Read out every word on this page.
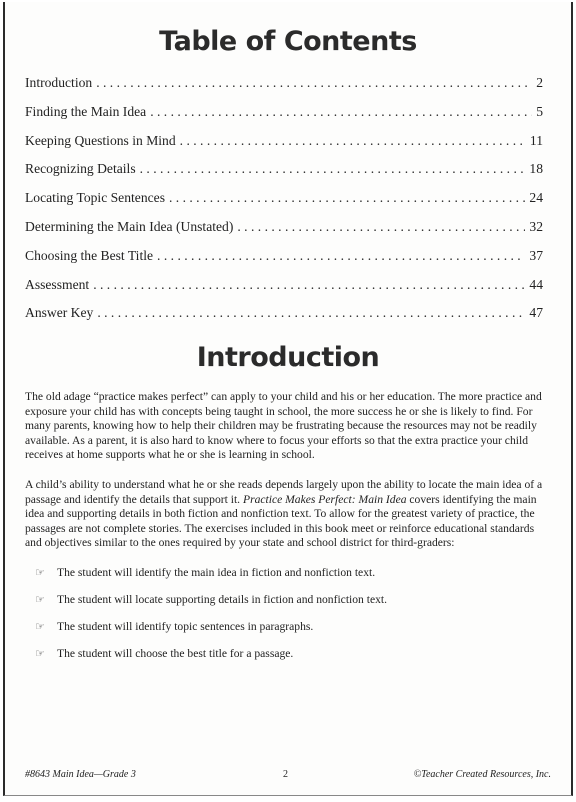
Table of Contents
Introduction . . .	2
Finding the Main Idea . . .	5
Keeping Questions in Mind . . .	11
Recognizing Details . . .	18
Locating Topic Sentences . . .	24
Determining the Main Idea (Unstated) . . .	32
Choosing the Best Title . . .	37
Assessment . . .	44
Answer Key . . .	47
Introduction

The old adage “practice makes perfect” can apply to your child and his or her education. The more practice and exposure your child has with concepts being taught in school, the more success he or she is likely to find. For many parents, knowing how to help their children may be frustrating because the resources may not be readily available. As a parent, it is also hard to know where to focus your efforts so that the extra practice your child receives at home supports what he or she is learning in school.

A child’s ability to understand what he or she reads depends largely upon the ability to locate the main idea of a passage and identify the details that support it. Practice Makes Perfect: Main Idea covers identifying the main idea and supporting details in both fiction and nonfiction text. To allow for the greatest variety of practice, the passages are not complete stories. The exercises included in this book meet or reinforce educational standards and objectives similar to the ones required by your state and school district for third-graders:

☞	The student will identify the main idea in fiction and nonfiction text.
☞	The student will locate supporting details in fiction and nonfiction text.
☞	The student will identify topic sentences in paragraphs.
☞	The student will choose the best title for a passage.
#8643 Main Idea—Grade 3	2	©Teacher Created Resources, Inc.
